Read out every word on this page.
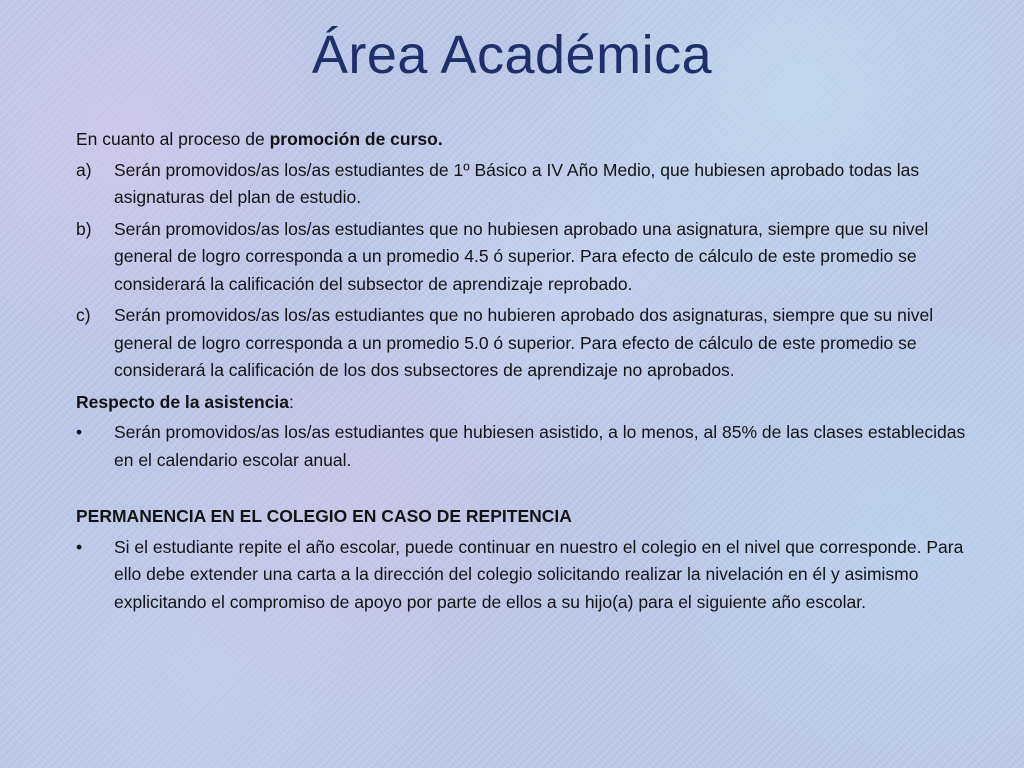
Área Académica

En cuanto al proceso de promoción de curso.

a)	Serán promovidos/as los/as estudiantes de 1º Básico a IV Año Medio, que hubiesen aprobado todas las asignaturas del plan de estudio.
b)	Serán promovidos/as los/as estudiantes que no hubiesen aprobado una asignatura, siempre que su nivel general de logro corresponda a un promedio 4.5 ó superior. Para efecto de cálculo de este promedio se considerará la calificación del subsector de aprendizaje reprobado.
c)	Serán promovidos/as los/as estudiantes que no hubieren aprobado dos asignaturas, siempre que su nivel general de logro corresponda a un promedio 5.0 ó superior. Para efecto de cálculo de este promedio se considerará la calificación de los dos subsectores de aprendizaje no aprobados.

Respecto de la asistencia:

•	Serán promovidos/as los/as estudiantes que hubiesen asistido, a lo menos, al 85% de las clases establecidas en el calendario escolar anual.

PERMANENCIA EN EL COLEGIO EN CASO DE REPITENCIA

•	Si el estudiante repite el año escolar, puede continuar en nuestro el colegio en el nivel que corresponde. Para ello debe extender una carta a la dirección del colegio solicitando realizar la nivelación en él y asimismo explicitando el compromiso de apoyo por parte de ellos a su hijo(a) para el siguiente año escolar.
